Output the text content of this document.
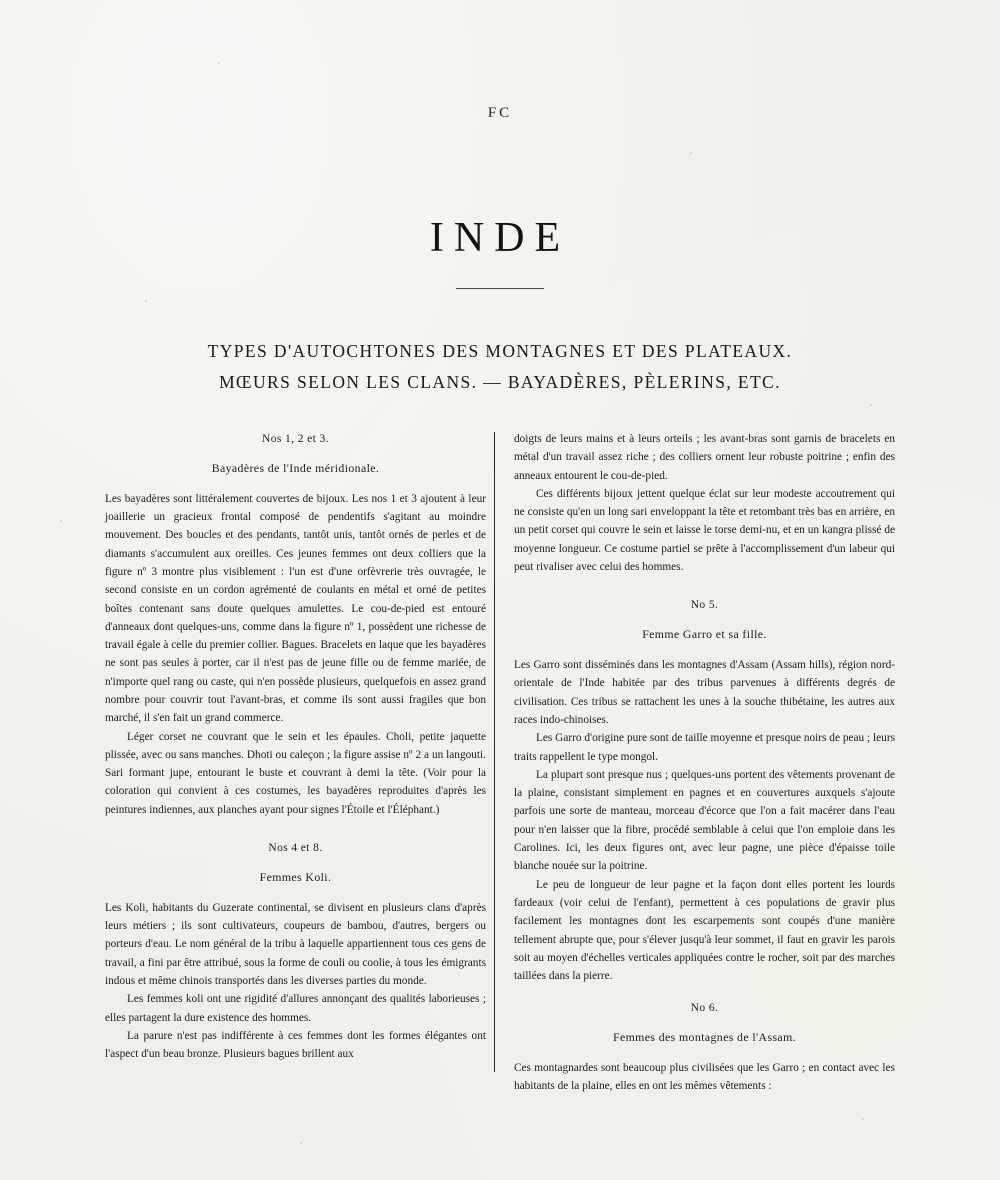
FC
INDE
TYPES D'AUTOCHTONES DES MONTAGNES ET DES PLATEAUX.
MŒURS SELON LES CLANS. — BAYADÈRES, PÈLERINS, ETC.
Nos 1, 2 et 3.
Bayadères de l'Inde méridionale.

Les bayadères sont littéralement couvertes de bijoux. Les nos 1 et 3 ajoutent à leur joaillerie un gracieux frontal composé de pendentifs s'agitant au moindre mouvement. Des boucles et des pendants, tantôt unis, tantôt ornés de perles et de diamants s'accumulent aux oreilles. Ces jeunes femmes ont deux colliers que la figure nº 3 montre plus visiblement : l'un est d'une orfèvrerie très ouvragée, le second consiste en un cordon agrémenté de coulants en métal et orné de petites boîtes contenant sans doute quelques amulettes. Le cou-de-pied est entouré d'anneaux dont quelques-uns, comme dans la figure nº 1, possèdent une richesse de travail égale à celle du premier collier. Bagues. Bracelets en laque que les bayadères ne sont pas seules à porter, car il n'est pas de jeune fille ou de femme mariée, de n'importe quel rang ou caste, qui n'en possède plusieurs, quelquefois en assez grand nombre pour couvrir tout l'avant-bras, et comme ils sont aussi fragiles que bon marché, il s'en fait un grand commerce.

Léger corset ne couvrant que le sein et les épaules. Choli, petite jaquette plissée, avec ou sans manches. Dhoti ou caleçon ; la figure assise nº 2 a un langouti. Sari formant jupe, entourant le buste et couvrant à demi la tête. (Voir pour la coloration qui convient à ces costumes, les bayadères reproduites d'après les peintures indiennes, aux planches ayant pour signes l'Étoile et l'Éléphant.)

Nos 4 et 8.
Femmes Koli.

Les Koli, habitants du Guzerate continental, se divisent en plusieurs clans d'après leurs métiers ; ils sont cultivateurs, coupeurs de bambou, d'autres, bergers ou porteurs d'eau. Le nom général de la tribu à laquelle appartiennent tous ces gens de travail, a fini par être attribué, sous la forme de couli ou coolie, à tous les émigrants indous et même chinois transportés dans les diverses parties du monde.

Les femmes koli ont une rigidité d'allures annonçant des qualités laborieuses ; elles partagent la dure existence des hommes.

La parure n'est pas indifférente à ces femmes dont les formes élégantes ont l'aspect d'un beau bronze. Plusieurs bagues brillent aux

doigts de leurs mains et à leurs orteils ; les avant-bras sont garnis de bracelets en métal d'un travail assez riche ; des colliers ornent leur robuste poitrine ; enfin des anneaux entourent le cou-de-pied.

Ces différents bijoux jettent quelque éclat sur leur modeste accoutrement qui ne consiste qu'en un long sari enveloppant la tête et retombant très bas en arrière, en un petit corset qui couvre le sein et laisse le torse demi-nu, et en un kangra plissé de moyenne longueur. Ce costume partiel se prête à l'accomplissement d'un labeur qui peut rivaliser avec celui des hommes.

No 5.
Femme Garro et sa fille.

Les Garro sont disséminés dans les montagnes d'Assam (Assam hills), région nord-orientale de l'Inde habitée par des tribus parvenues à différents degrés de civilisation. Ces tribus se rattachent les unes à la souche thibétaine, les autres aux races indo-chinoises.

Les Garro d'origine pure sont de taille moyenne et presque noirs de peau ; leurs traits rappellent le type mongol.

La plupart sont presque nus ; quelques-uns portent des vêtements provenant de la plaine, consistant simplement en pagnes et en couvertures auxquels s'ajoute parfois une sorte de manteau, morceau d'écorce que l'on a fait macérer dans l'eau pour n'en laisser que la fibre, procédé semblable à celui que l'on emploie dans les Carolines. Ici, les deux figures ont, avec leur pagne, une pièce d'épaisse toile blanche nouée sur la poitrine.

Le peu de longueur de leur pagne et la façon dont elles portent les lourds fardeaux (voir celui de l'enfant), permettent à ces populations de gravir plus facilement les montagnes dont les escarpements sont coupés d'une manière tellement abrupte que, pour s'élever jusqu'à leur sommet, il faut en gravir les parois soit au moyen d'échelles verticales appliquées contre le rocher, soit par des marches taillées dans la pierre.

No 6.
Femmes des montagnes de l'Assam.

Ces montagnardes sont beaucoup plus civilisées que les Garro ; en contact avec les habitants de la plaine, elles en ont les mêmes vêtements :
